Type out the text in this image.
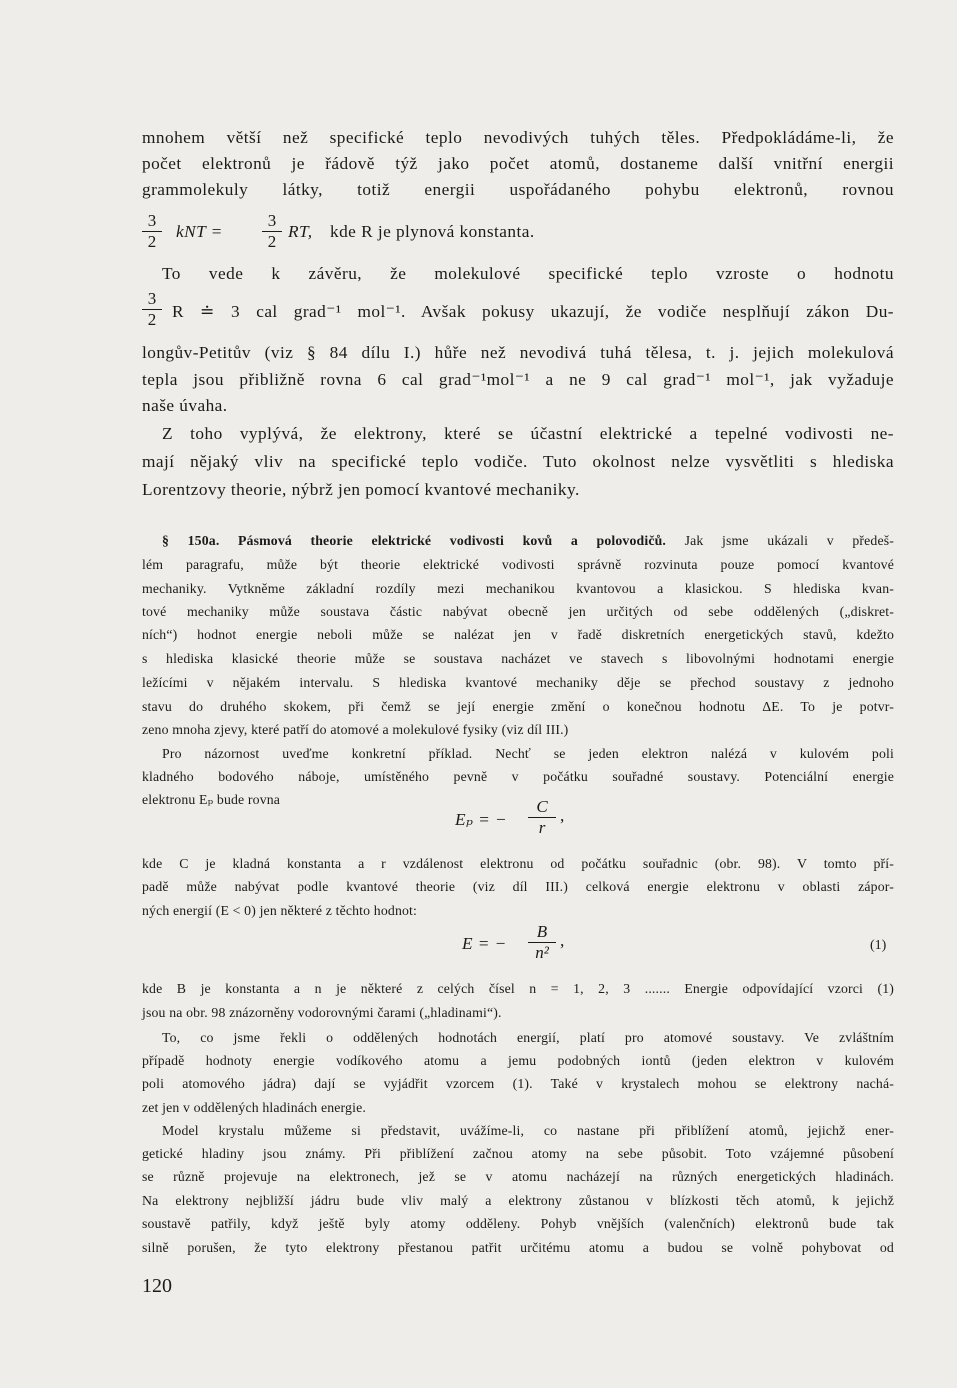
mnohem větší než specifické teplo nevodivých tuhých těles. Předpokládáme-li, že
počet elektronů je řádově týž jako počet atomů, dostaneme další vnitřní energii
grammolekuly látky, totiž energii uspořádaného pohybu elektronů, rovnou
3
2
kNT =
3
2
RT,	kde R je plynová konstanta.
To vede k závěru, že molekulové specifické teplo vzroste o hodnotu
3
2 R ≐ 3 cal grad⁻¹ mol⁻¹. Avšak pokusy ukazují, že vodiče nesplňují zákon Du-
longův-Petitův (viz § 84 dílu I.) hůře než nevodivá tuhá tělesa, t. j. jejich molekulová
tepla jsou přibližně rovna 6 cal grad⁻¹mol⁻¹ a ne 9 cal grad⁻¹ mol⁻¹, jak vyžaduje
naše úvaha.
Z toho vyplývá, že elektrony, které se účastní elektrické a tepelné vodivosti ne-
mají nějaký vliv na specifické teplo vodiče. Tuto okolnost nelze vysvětliti s hlediska
Lorentzovy theorie, nýbrž jen pomocí kvantové mechaniky.
§ 150a. Pásmová theorie elektrické vodivosti kovů a polovodičů. Jak jsme ukázali v předeš-
lém paragrafu, může být theorie elektrické vodivosti správně rozvinuta pouze pomocí kvantové
mechaniky. Vytkněme základní rozdíly mezi mechanikou kvantovou a klasickou. S hlediska kvan-
tové mechaniky může soustava částic nabývat obecně jen určitých od sebe oddělených („diskret-
ních“) hodnot energie neboli může se nalézat jen v řadě diskretních energetických stavů, kdežto
s hlediska klasické theorie může se soustava nacházet ve stavech s libovolnými hodnotami energie
ležícími v nějakém intervalu. S hlediska kvantové mechaniky děje se přechod soustavy z jednoho
stavu do druhého skokem, při čemž se její energie změní o konečnou hodnotu ΔE. To je potvr-
zeno mnoha zjevy, které patří do atomové a molekulové fysiky (viz díl III.)
Pro názornost uveďme konkretní příklad. Nechť se jeden elektron nalézá v kulovém poli
kladného bodového náboje, umístěného pevně v počátku souřadné soustavy. Potenciální energie
elektronu Eₚ bude rovna
Eₚ = −
C
r
,
kde C je kladná konstanta a r vzdálenost elektronu od počátku souřadnic (obr. 98). V tomto pří-
padě může nabývat podle kvantové theorie (viz díl III.) celková energie elektronu v oblasti zápor-
ných energií (E < 0) jen některé z těchto hodnot:
E = −
B
n²
,	(1)
kde B je konstanta a n je některé z celých čísel n = 1, 2, 3 ....... Energie odpovídající vzorci (1)
jsou na obr. 98 znázorněny vodorovnými čarami („hladinami“).
To, co jsme řekli o oddělených hodnotách energií, platí pro atomové soustavy. Ve zvláštním
případě hodnoty energie vodíkového atomu a jemu podobných iontů (jeden elektron v kulovém
poli atomového jádra) dají se vyjádřit vzorcem (1). Také v krystalech mohou se elektrony nachá-
zet jen v oddělených hladinách energie.
Model krystalu můžeme si představit, uvážíme-li, co nastane při přiblížení atomů, jejichž ener-
getické hladiny jsou známy. Při přiblížení začnou atomy na sebe působit. Toto vzájemné působení
se různě projevuje na elektronech, jež se v atomu nacházejí na různých energetických hladinách.
Na elektrony nejbližší jádru bude vliv malý a elektrony zůstanou v blízkosti těch atomů, k jejichž
soustavě patřily, když ještě byly atomy odděleny. Pohyb vnějších (valenčních) elektronů bude tak
silně porušen, že tyto elektrony přestanou patřit určitému atomu a budou se volně pohybovat od
120
